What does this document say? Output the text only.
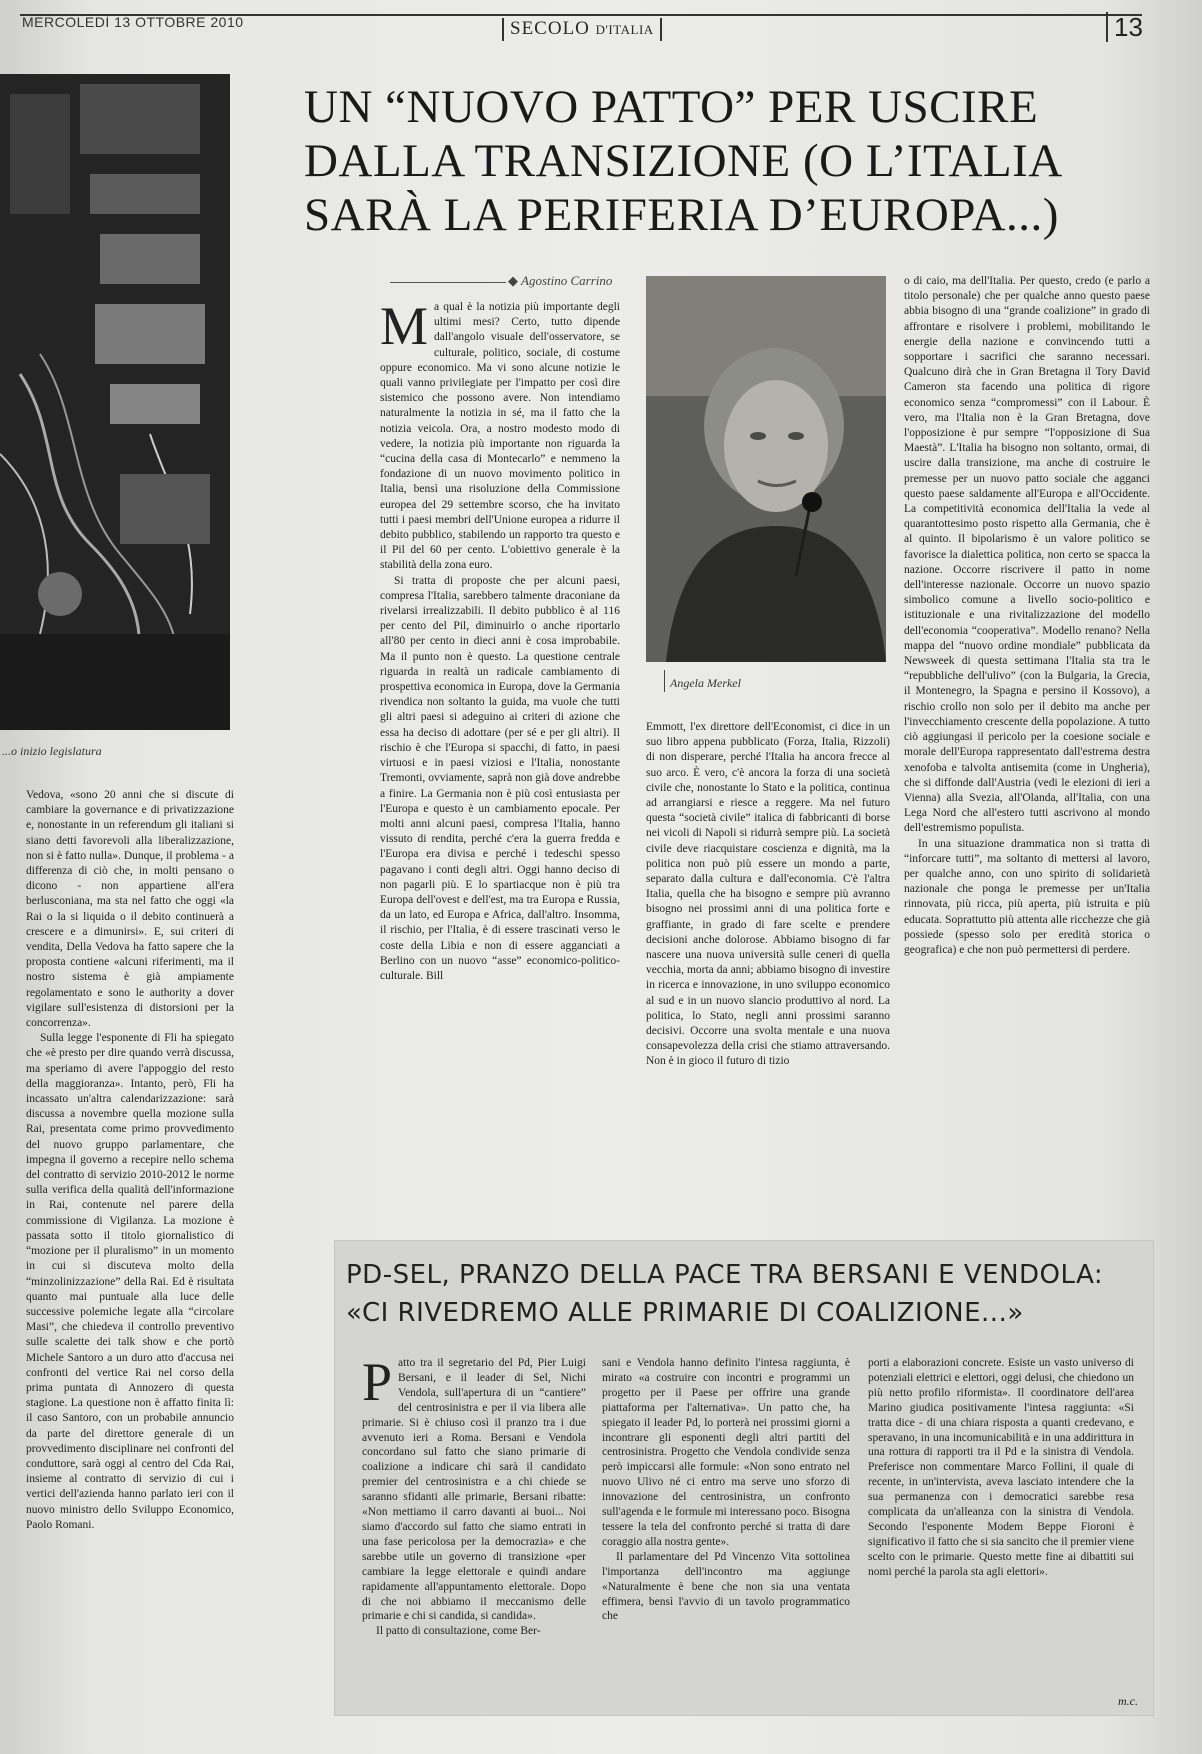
MERCOLEDÌ 13 OTTOBRE 2010	SECOLO D'ITALIA	13
...o inizio legislatura
UN “NUOVO PATTO” PER USCIRE
DALLA TRANSIZIONE (O L’ITALIA
SARÀ LA PERIFERIA D’EUROPA...)
◆ Agostino Carrino

Vedova, «sono 20 anni che si discute di cambiare la governance e di privatizzazione e, nonostante in un referendum gli italiani si siano detti favorevoli alla liberalizzazione, non si è fatto nulla». Dunque, il problema - a differenza di ciò che, in molti pensano o dicono - non appartiene all'era berlusconiana, ma sta nel fatto che oggi «la Rai o la si liquida o il debito continuerà a crescere e a dimunirsi». E, sui criteri di vendita, Della Vedova ha fatto sapere che la proposta contiene «alcuni riferimenti, ma il nostro sistema è già ampiamente regolamentato e sono le authority a dover vigilare sull'esistenza di distorsioni per la concorrenza».

Sulla legge l'esponente di Fli ha spiegato che «è presto per dire quando verrà discussa, ma speriamo di avere l'appoggio del resto della maggioranza». Intanto, però, Fli ha incassato un'altra calendarizzazione: sarà discussa a novembre quella mozione sulla Rai, presentata come primo provvedimento del nuovo gruppo parlamentare, che impegna il governo a recepire nello schema del contratto di servizio 2010-2012 le norme sulla verifica della qualità dell'informazione in Rai, contenute nel parere della commissione di Vigilanza. La mozione è passata sotto il titolo giornalistico di “mozione per il pluralismo” in un momento in cui si discuteva molto della “minzolinizzazione” della Rai. Ed è risultata quanto mai puntuale alla luce delle successive polemiche legate alla “circolare Masi”, che chiedeva il controllo preventivo sulle scalette dei talk show e che portò Michele Santoro a un duro atto d'accusa nei confronti del vertice Rai nel corso della prima puntata di Annozero di questa stagione. La questione non è affatto finita lì: il caso Santoro, con un probabile annuncio da parte del direttore generale di un provvedimento disciplinare nei confronti del conduttore, sarà oggi al centro del Cda Rai, insieme al contratto di servizio di cui i vertici dell'azienda hanno parlato ieri con il nuovo ministro dello Sviluppo Economico, Paolo Romani.

M a qual è la notizia più importante degli ultimi mesi? Certo, tutto dipende dall'angolo visuale dell'osservatore, se culturale, politico, sociale, di costume oppure economico. Ma vi sono alcune notizie le quali vanno privilegiate per l'impatto per così dire sistemico che possono avere. Non intendiamo naturalmente la notizia in sé, ma il fatto che la notizia veicola. Ora, a nostro modesto modo di vedere, la notizia più importante non riguarda la “cucina della casa di Montecarlo” e nemmeno la fondazione di un nuovo movimento politico in Italia, bensì una risoluzione della Commissione europea del 29 settembre scorso, che ha invitato tutti i paesi membri dell'Unione europea a ridurre il debito pubblico, stabilendo un rapporto tra questo e il Pil del 60 per cento. L'obiettivo generale è la stabilità della zona euro.

Si tratta di proposte che per alcuni paesi, compresa l'Italia, sarebbero talmente draconiane da rivelarsi irrealizzabili. Il debito pubblico è al 116 per cento del Pil, diminuirlo o anche riportarlo all'80 per cento in dieci anni è cosa improbabile. Ma il punto non è questo. La questione centrale riguarda in realtà un radicale cambiamento di prospettiva economica in Europa, dove la Germania rivendica non soltanto la guida, ma vuole che tutti gli altri paesi si adeguino ai criteri di azione che essa ha deciso di adottare (per sé e per gli altri). Il rischio è che l'Europa si spacchi, di fatto, in paesi virtuosi e in paesi viziosi e l'Italia, nonostante Tremonti, ovviamente, saprà non già dove andrebbe a finire. La Germania non è più così entusiasta per l'Europa e questo è un cambiamento epocale. Per molti anni alcuni paesi, compresa l'Italia, hanno vissuto di rendita, perché c'era la guerra fredda e l'Europa era divisa e perché i tedeschi spesso pagavano i conti degli altri. Oggi hanno deciso di non pagarli più. E lo spartiacque non è più tra Europa dell'ovest e dell'est, ma tra Europa e Russia, da un lato, ed Europa e Africa, dall'altro. Insomma, il rischio, per l'Italia, è di essere trascinati verso le coste della Libia e non di essere agganciati a Berlino con un nuovo “asse” economico-politico-culturale. Bill

Angela Merkel

Emmott, l'ex direttore dell'Economist, ci dice in un suo libro appena pubblicato (Forza, Italia, Rizzoli) di non disperare, perché l'Italia ha ancora frecce al suo arco. È vero, c'è ancora la forza di una società civile che, nonostante lo Stato e la politica, continua ad arrangiarsi e riesce a reggere. Ma nel futuro questa “società civile” italica di fabbricanti di borse nei vicoli di Napoli si ridurrà sempre più. La società civile deve riacquistare coscienza e dignità, ma la politica non può più essere un mondo a parte, separato dalla cultura e dall'economia. C'è l'altra Italia, quella che ha bisogno e sempre più avranno bisogno nei prossimi anni di una politica forte e graffiante, in grado di fare scelte e prendere decisioni anche dolorose. Abbiamo bisogno di far nascere una nuova università sulle ceneri di quella vecchia, morta da anni; abbiamo bisogno di investire in ricerca e innovazione, in uno sviluppo economico al sud e in un nuovo slancio produttivo al nord. La politica, lo Stato, negli anni prossimi saranno decisivi. Occorre una svolta mentale e una nuova consapevolezza della crisi che stiamo attraversando. Non è in gioco il futuro di tizio

o di caio, ma dell'Italia. Per questo, credo (e parlo a titolo personale) che per qualche anno questo paese abbia bisogno di una “grande coalizione” in grado di affrontare e risolvere i problemi, mobilitando le energie della nazione e convincendo tutti a sopportare i sacrifici che saranno necessari. Qualcuno dirà che in Gran Bretagna il Tory David Cameron sta facendo una politica di rigore economico senza “compromessi” con il Labour. È vero, ma l'Italia non è la Gran Bretagna, dove l'opposizione è pur sempre “l'opposizione di Sua Maestà”. L'Italia ha bisogno non soltanto, ormai, di uscire dalla transizione, ma anche di costruire le premesse per un nuovo patto sociale che agganci questo paese saldamente all'Europa e all'Occidente. La competitività economica dell'Italia la vede al quarantottesimo posto rispetto alla Germania, che è al quinto. Il bipolarismo è un valore politico se favorisce la dialettica politica, non certo se spacca la nazione. Occorre riscrivere il patto in nome dell'interesse nazionale. Occorre un nuovo spazio simbolico comune a livello socio-politico e istituzionale e una rivitalizzazione del modello dell'economia “cooperativa”. Modello renano? Nella mappa del “nuovo ordine mondiale” pubblicata da Newsweek di questa settimana l'Italia sta tra le “repubbliche dell'ulivo” (con la Bulgaria, la Grecia, il Montenegro, la Spagna e persino il Kossovo), a rischio crollo non solo per il debito ma anche per l'invecchiamento crescente della popolazione. A tutto ciò aggiungasi il pericolo per la coesione sociale e morale dell'Europa rappresentato dall'estrema destra xenofoba e talvolta antisemita (come in Ungheria), che si diffonde dall'Austria (vedi le elezioni di ieri a Vienna) alla Svezia, all'Olanda, all'Italia, con una Lega Nord che all'estero tutti ascrivono al mondo dell'estremismo populista.

In una situazione drammatica non si tratta di “inforcare tutti”, ma soltanto di mettersi al lavoro, per qualche anno, con uno spirito di solidarietà nazionale che ponga le premesse per un'Italia rinnovata, più ricca, più aperta, più istruita e più educata. Soprattutto più attenta alle ricchezze che già possiede (spesso solo per eredità storica o geografica) e che non può permettersi di perdere.

PD-SEL, PRANZO DELLA PACE TRA BERSANI E VENDOLA:
«CI RIVEDREMO ALLE PRIMARIE DI COALIZIONE...»
P atto tra il segretario del Pd, Pier Luigi Bersani, e il leader di Sel, Nichi Vendola, sull'apertura di un “cantiere” del centrosinistra e per il via libera alle primarie. Si è chiuso così il pranzo tra i due avvenuto ieri a Roma. Bersani e Vendola concordano sul fatto che siano primarie di coalizione a indicare chi sarà il candidato premier del centrosinistra e a chi chiede se saranno sfidanti alle primarie, Bersani ribatte: «Non mettiamo il carro davanti ai buoi... Noi siamo d'accordo sul fatto che siamo entrati in una fase pericolosa per la democrazia» e che sarebbe utile un governo di transizione «per cambiare la legge elettorale e quindi andare rapidamente all'appuntamento elettorale. Dopo di che noi abbiamo il meccanismo delle primarie e chi si candida, si candida».

Il patto di consultazione, come Ber-

sani e Vendola hanno definito l'intesa raggiunta, è mirato «a costruire con incontri e programmi un progetto per il Paese per offrire una grande piattaforma per l'alternativa». Un patto che, ha spiegato il leader Pd, lo porterà nei prossimi giorni a incontrare gli esponenti degli altri partiti del centrosinistra. Progetto che Vendola condivide senza però impiccarsi alle formule: «Non sono entrato nel nuovo Ulivo né ci entro ma serve uno sforzo di innovazione del centrosinistra, un confronto sull'agenda e le formule mi interessano poco. Bisogna tessere la tela del confronto perché si tratta di dare coraggio alla nostra gente».

Il parlamentare del Pd Vincenzo Vita sottolinea l'importanza dell'incontro ma aggiunge «Naturalmente è bene che non sia una ventata effimera, bensì l'avvio di un tavolo programmatico che

porti a elaborazioni concrete. Esiste un vasto universo di potenziali elettrici e elettori, oggi delusi, che chiedono un più netto profilo riformista». Il coordinatore dell'area Marino giudica positivamente l'intesa raggiunta: «Si tratta dice - di una chiara risposta a quanti credevano, e speravano, in una incomunicabilità e in una addirittura in una rottura di rapporti tra il Pd e la sinistra di Vendola. Preferisce non commentare Marco Follini, il quale di recente, in un'intervista, aveva lasciato intendere che la sua permanenza con i democratici sarebbe resa complicata da un'alleanza con la sinistra di Vendola. Secondo l'esponente Modem Beppe Fioroni è significativo il fatto che si sia sancito che il premier viene scelto con le primarie. Questo mette fine ai dibattiti sui nomi perché la parola sta agli elettori».

m.c.
